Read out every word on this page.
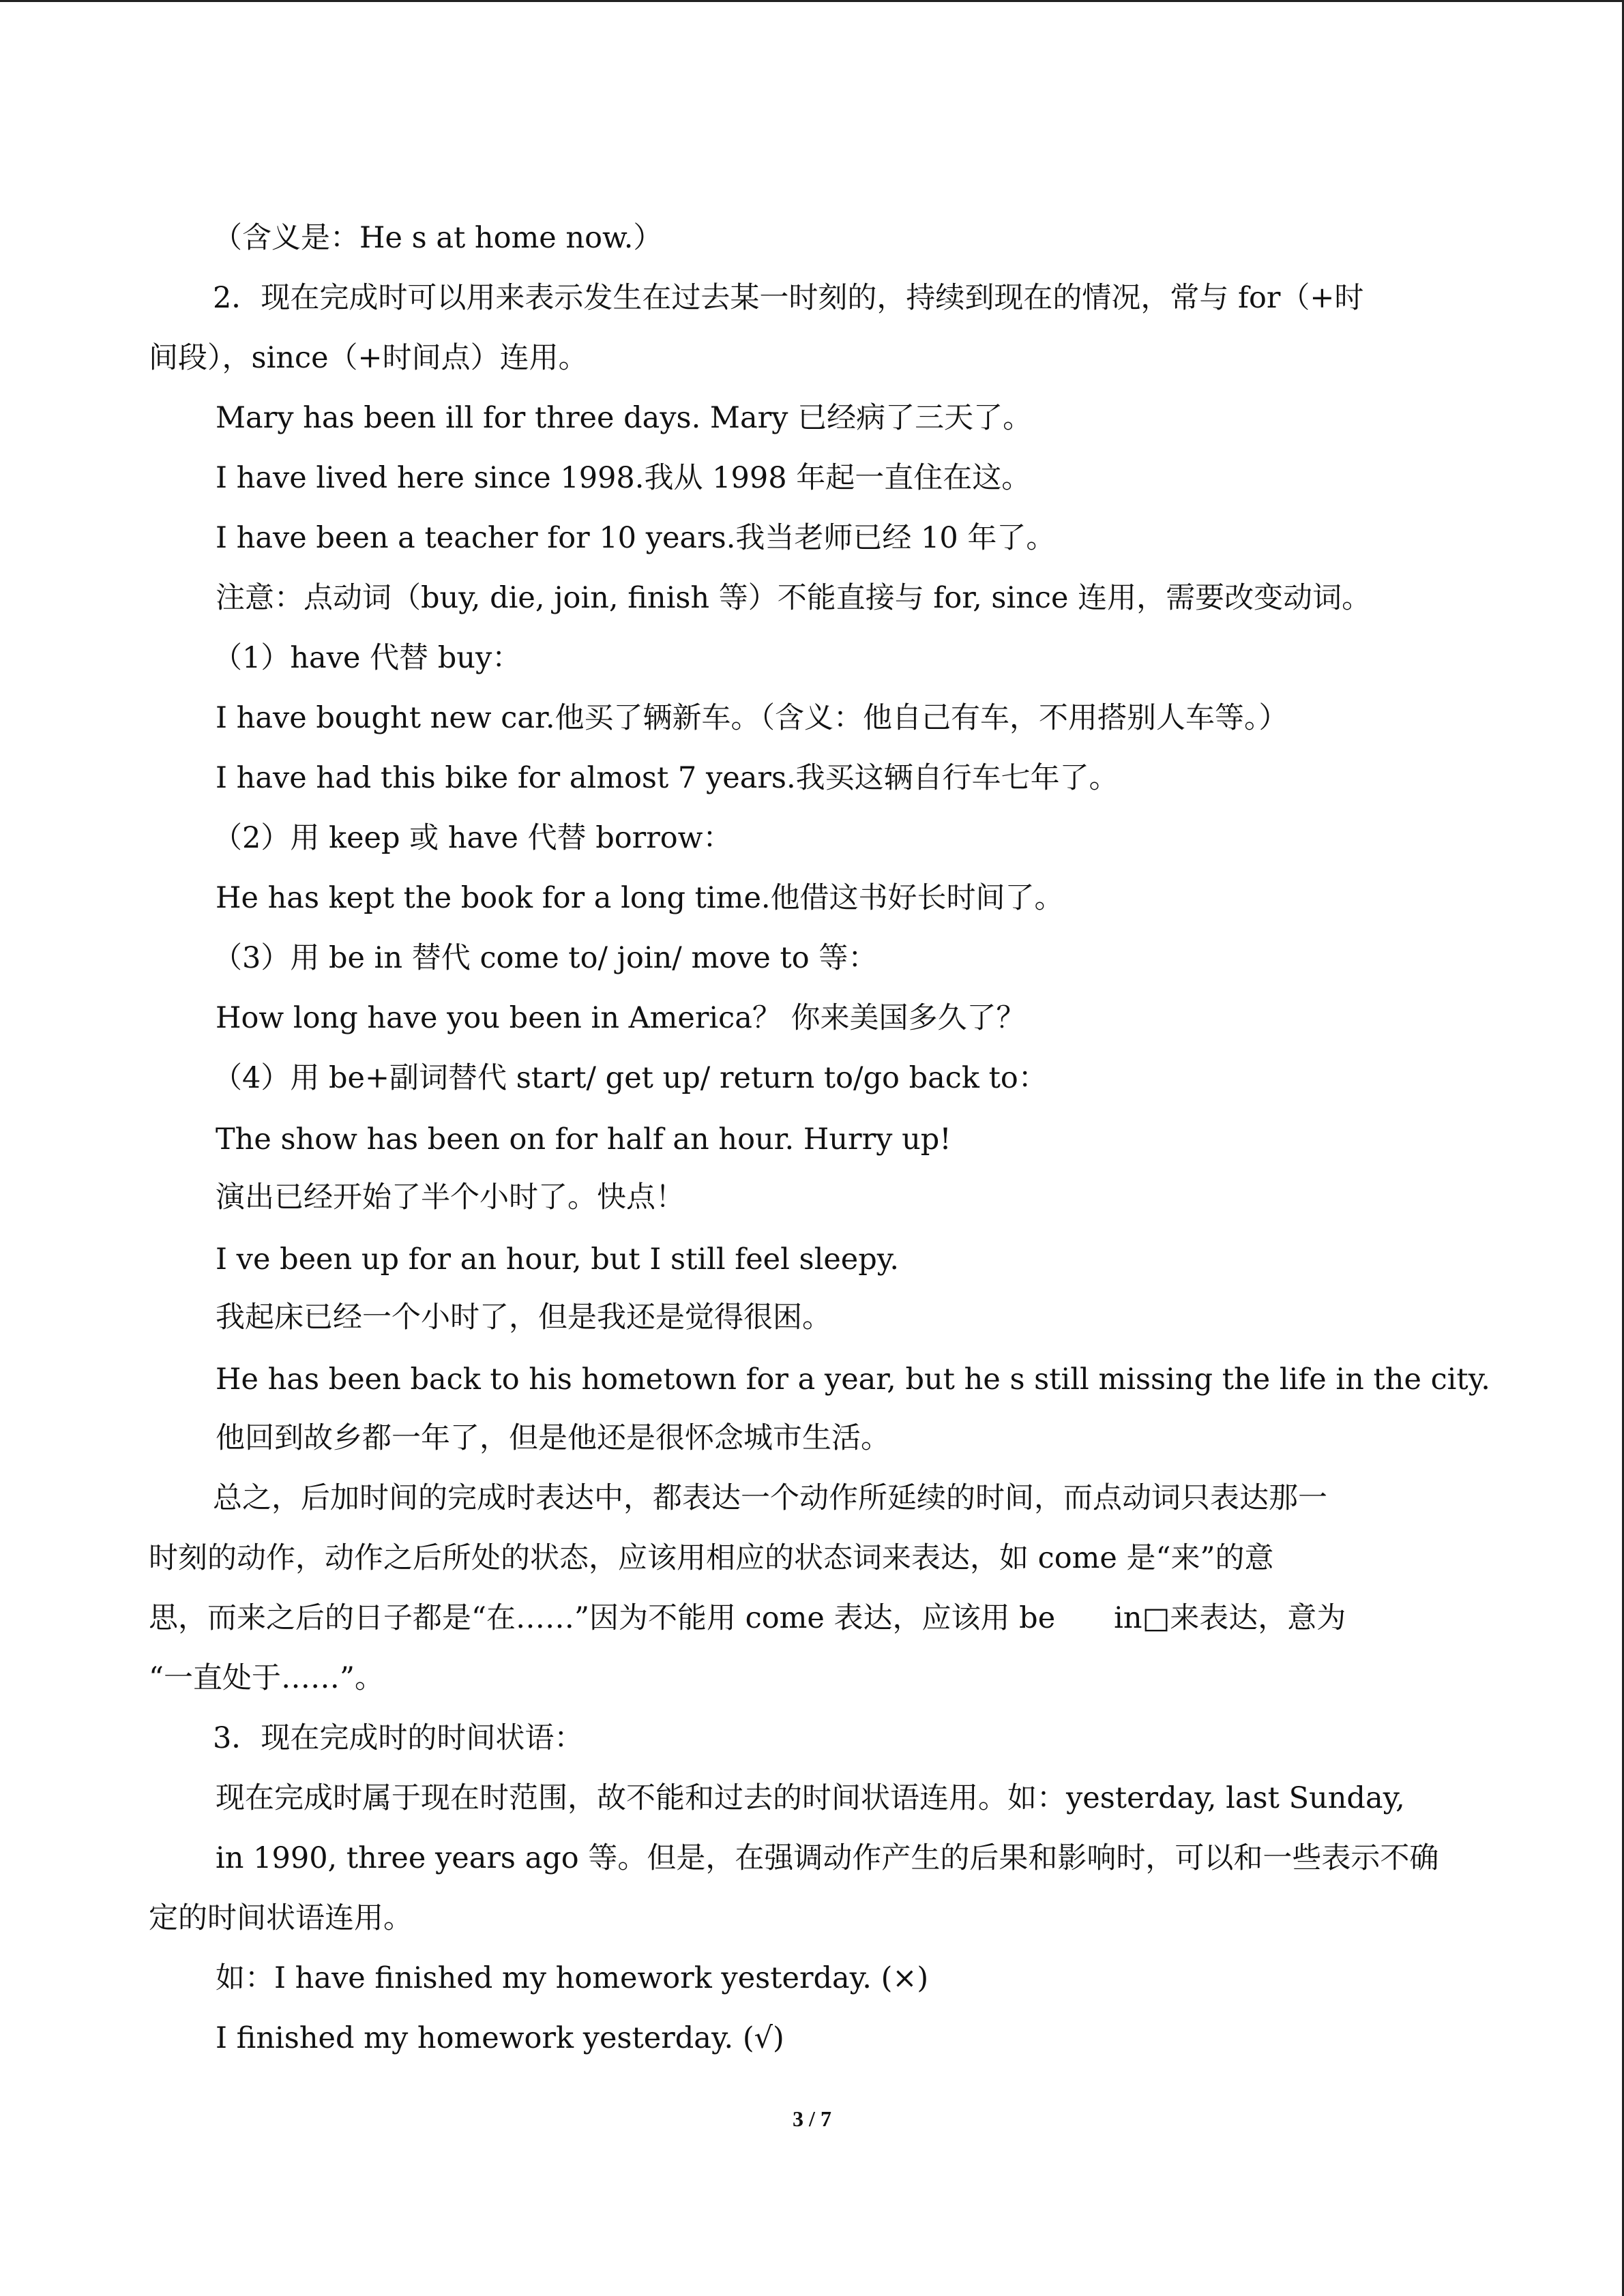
（含义是：He s at home now.）
2．现在完成时可以用来表示发生在过去某一时刻的，持续到现在的情况，常与 for（+时
间段），since（+时间点）连用。
Mary has been ill for three days. Mary 已经病了三天了。
I have lived here since 1998.我从 1998 年起一直住在这。
I have been a teacher for 10 years.我当老师已经 10 年了。
注意：点动词（buy, die, join, finish 等）不能直接与 for, since 连用，需要改变动词。
（1）have 代替 buy：
I have bought new car.他买了辆新车。（含义：他自己有车，不用搭别人车等。）
I have had this bike for almost 7 years.我买这辆自行车七年了。
（2）用 keep 或 have 代替 borrow：
He has kept the book for a long time.他借这书好长时间了。
（3）用 be in 替代 come to/ join/ move to 等：
How long have you been in America？ 你来美国多久了？
（4）用 be+副词替代 start/ get up/ return to/go back to：
The show has been on for half an hour. Hurry up!
演出已经开始了半个小时了。快点！
I ve been up for an hour, but I still feel sleepy.
我起床已经一个小时了，但是我还是觉得很困。
He has been back to his hometown for a year, but he s still missing the life in the city.
他回到故乡都一年了，但是他还是很怀念城市生活。
总之，后加时间的完成时表达中，都表达一个动作所延续的时间，而点动词只表达那一
时刻的动作，动作之后所处的状态，应该用相应的状态词来表达，如 come 是“来”的意
思，而来之后的日子都是“在……”因为不能用 come 表达，应该用 be　　in□来表达，意为
“一直处于……”。
3．现在完成时的时间状语：
现在完成时属于现在时范围，故不能和过去的时间状语连用。如：yesterday, last Sunday,
in 1990, three years ago 等。但是，在强调动作产生的后果和影响时，可以和一些表示不确
定的时间状语连用。
如：I have finished my homework yesterday. (×)
I finished my homework yesterday. (√)
3 / 7
